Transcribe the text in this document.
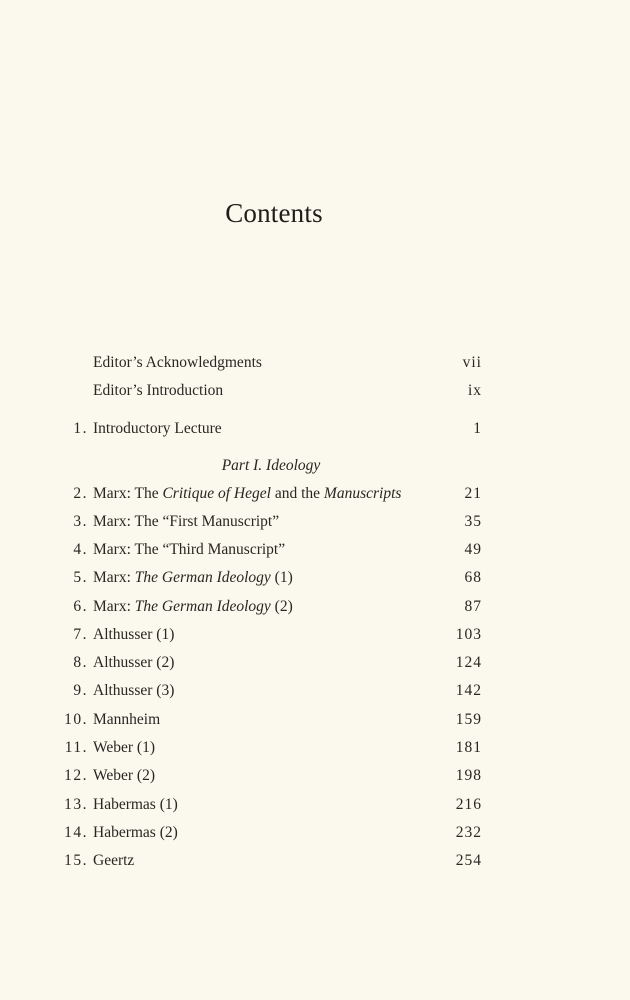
Contents
Editor’s Acknowledgments	vii
Editor’s Introduction	ix
1. Introductory Lecture	1
Part I. Ideology
2. Marx: The Critique of Hegel and the Manuscripts	21
3. Marx: The “First Manuscript”	35
4. Marx: The “Third Manuscript”	49
5. Marx: The German Ideology (1)	68
6. Marx: The German Ideology (2)	87
7. Althusser (1)	103
8. Althusser (2)	124
9. Althusser (3)	142
10. Mannheim	159
11. Weber (1)	181
12. Weber (2)	198
13. Habermas (1)	216
14. Habermas (2)	232
15. Geertz	254
